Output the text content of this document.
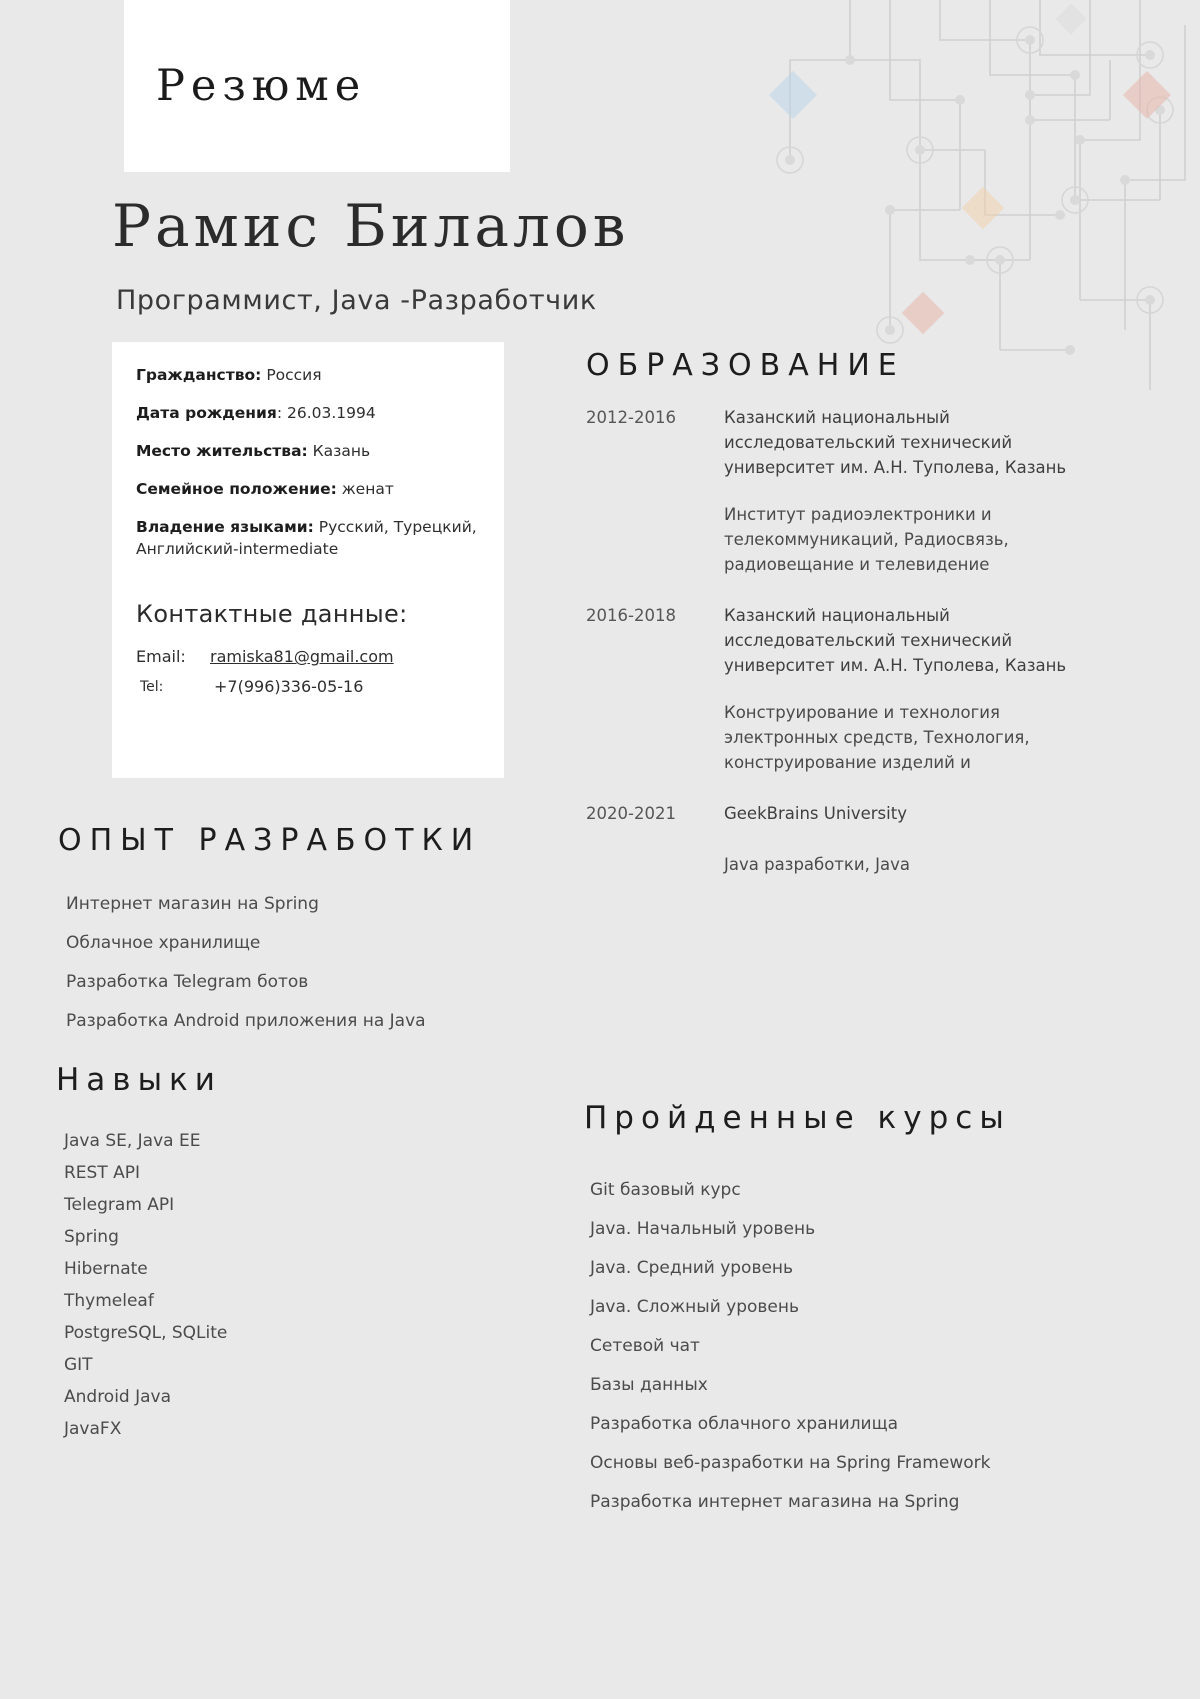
Резюме
Рамис Билалов
Программист, Java -Разработчик
Гражданство: Россия
Дата рождения: 26.03.1994
Место жительства: Казань
Семейное положение: женат
Владение языками: Русский, Турецкий, Английский-intermediate
Контактные данные:
Email:	ramiska81@gmail.com
Tel:	+7(996)336-05-16
ОБРАЗОВАНИЕ
2012-2016	Казанский национальный исследовательский технический университет им. А.Н. Туполева, Казань
Институт радиоэлектроники и телекоммуникаций, Радиосвязь, радиовещание и телевидение
2016-2018	Казанский национальный исследовательский технический университет им. А.Н. Туполева, Казань
Конструирование и технология электронных средств, Технология, конструирование изделий и
2020-2021	GeekBrains University
Java разработки, Java
ОПЫТ РАЗРАБОТКИ
Интернет магазин на Spring
Облачное хранилище
Разработка Telegram ботов
Разработка Android приложения на Java
Навыки
Java SE, Java EE
REST API
Telegram API
Spring
Hibernate
Thymeleaf
PostgreSQL, SQLite
GIT
Android Java
JavaFX
Пройденные курсы
Git базовый курс
Java. Начальный уровень
Java. Средний уровень
Java. Сложный уровень
Сетевой чат
Базы данных
Разработка облачного хранилища
Основы веб-разработки на Spring Framework
Разработка интернет магазина на Spring
